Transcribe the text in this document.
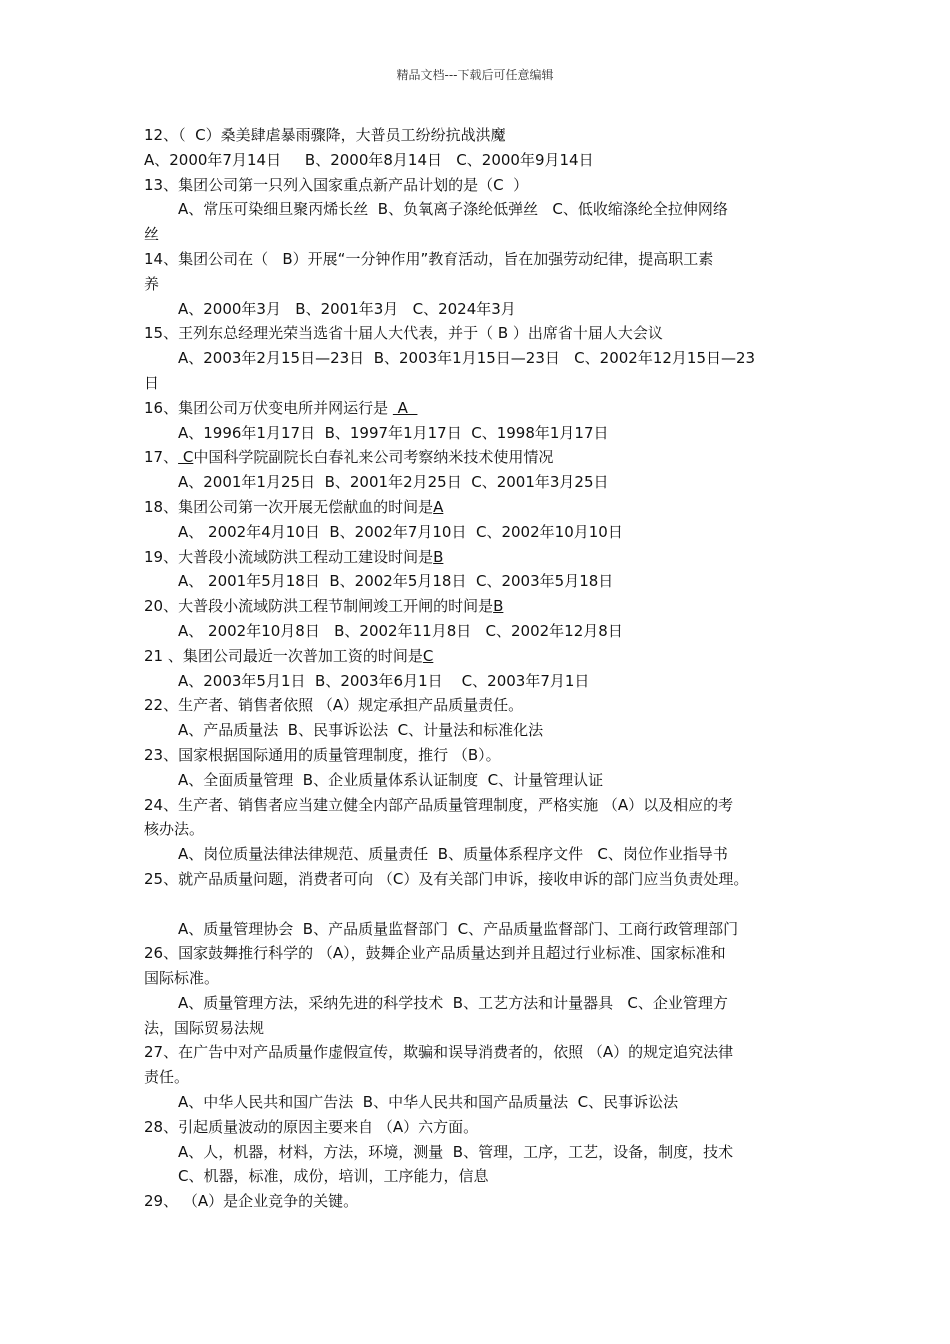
精品文档---下载后可任意编辑
12、（  C）桑美肆虐暴雨骤降，大普员工纷纷抗战洪魔
A、2000年7月14日     B、2000年8月14日   C、2000年9月14日
13、集团公司第一只列入国家重点新产品计划的是（C  ）
A、常压可染细旦聚丙烯长丝  B、负氧离子涤纶低弹丝   C、低收缩涤纶全拉伸网络
丝
14、集团公司在（   B）开展“一分钟作用”教育活动，旨在加强劳动纪律，提高职工素
养
A、2000年3月   B、2001年3月   C、2024年3月
15、王列东总经理光荣当选省十届人大代表，并于（ B ）出席省十届人大会议
A、2003年2月15日—23日  B、2003年1月15日—23日   C、2002年12月15日—23
日
16、集团公司万伏变电所并网运行是  A
A、1996年1月17日  B、1997年1月17日  C、1998年1月17日
17、 C中国科学院副院长白春礼来公司考察纳米技术使用情况
A、2001年1月25日  B、2001年2月25日  C、2001年3月25日
18、集团公司第一次开展无偿献血的时间是A
A、 2002年4月10日  B、2002年7月10日  C、2002年10月10日
19、大普段小流域防洪工程动工建设时间是B
A、 2001年5月18日  B、2002年5月18日  C、2003年5月18日
20、大普段小流域防洪工程节制闸竣工开闸的时间是B
A、 2002年10月8日   B、2002年11月8日   C、2002年12月8日
21 、集团公司最近一次普加工资的时间是C
A、2003年5月1日  B、2003年6月1日    C、2003年7月1日
22、生产者、销售者依照 （A）规定承担产品质量责任。
A、产品质量法  B、民事诉讼法  C、计量法和标准化法
23、国家根据国际通用的质量管理制度，推行 （B）。
A、全面质量管理  B、企业质量体系认证制度  C、计量管理认证
24、生产者、销售者应当建立健全内部产品质量管理制度，严格实施 （A）以及相应的考
核办法。
A、岗位质量法律法律规范、质量责任  B、质量体系程序文件   C、岗位作业指导书
25、就产品质量问题，消费者可向 （C）及有关部门申诉，接收申诉的部门应当负责处理。
A、质量管理协会  B、产品质量监督部门  C、产品质量监督部门、工商行政管理部门
26、国家鼓舞推行科学的 （A），鼓舞企业产品质量达到并且超过行业标准、国家标准和
国际标准。
A、质量管理方法，采纳先进的科学技术  B、工艺方法和计量器具   C、企业管理方
法，国际贸易法规
27、在广告中对产品质量作虚假宣传，欺骗和误导消费者的，依照 （A）的规定追究法律
责任。
A、中华人民共和国广告法  B、中华人民共和国产品质量法  C、民事诉讼法
28、引起质量波动的原因主要来自 （A）六方面。
A、人，机器，材料，方法，环境，测量  B、管理，工序，工艺，设备，制度，技术
C、机器，标准，成份，培训，工序能力，信息
29、 （A）是企业竞争的关键。
